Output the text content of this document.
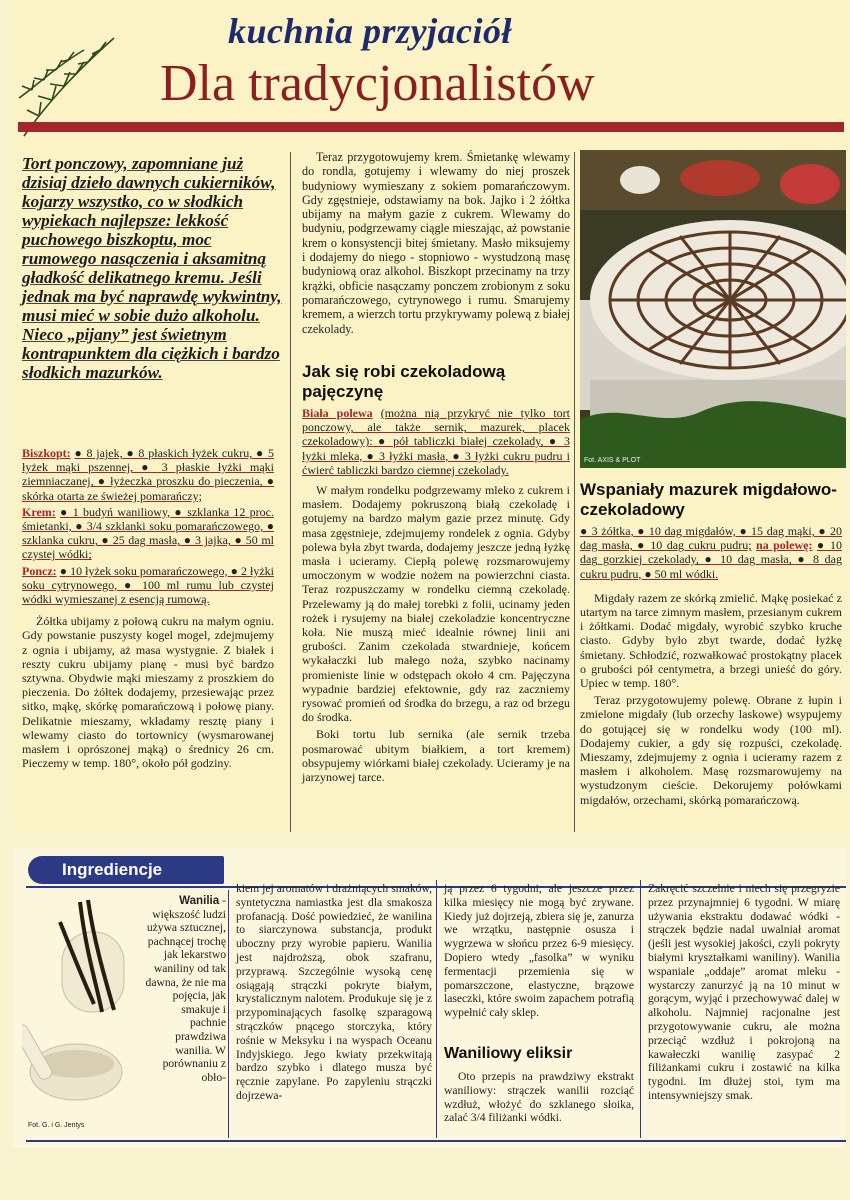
kuchnia przyjaciół
Dla tradycjonalistów
Tort ponczowy, zapomniane już dzisiaj dzieło dawnych cukierników, kojarzy wszystko, co w słodkich wypiekach najlepsze: lekkość puchowego biszkoptu, moc rumowego nasączenia i aksamitną gładkość delikatnego kremu. Jeśli jednak ma być naprawdę wykwintny, musi mieć w sobie dużo alkoholu. Nieco „pijany” jest świetnym kontrapunktem dla ciężkich i bardzo słodkich mazurków.

Biszkopt: ● 8 jajek, ● 8 płaskich łyżek cukru, ● 5 łyżek mąki pszennej, ● 3 płaskie łyżki mąki ziemniaczanej, ● łyżeczka proszku do pieczenia, ● skórka otarta ze świeżej pomarańczy;

Krem: ● 1 budyń waniliowy, ● szklanka 12 proc. śmietanki, ● 3/4 szklanki soku pomarańczowego, ● szklanka cukru, ● 25 dag masła, ● 3 jajka, ● 50 ml czystej wódki;

Poncz: ● 10 łyżek soku pomarańczowego, ● 2 łyżki soku cytrynowego, ● 100 ml rumu lub czystej wódki wymieszanej z esencją rumową.

Żółtka ubijamy z połową cukru na małym ogniu. Gdy powstanie puszysty kogel mogel, zdejmujemy z ognia i ubijamy, aż masa wystygnie. Z białek i reszty cukru ubijamy pianę - musi być bardzo sztywna. Obydwie mąki mieszamy z proszkiem do pieczenia. Do żółtek dodajemy, przesiewając przez sitko, mąkę, skórkę pomarańczową i połowę piany. Delikatnie mieszamy, wkładamy resztę piany i wlewamy ciasto do tortownicy (wysmarowanej masłem i oprószonej mąką) o średnicy 26 cm. Pieczemy w temp. 180°, około pół godziny.

Teraz przygotowujemy krem. Śmietankę wlewamy do rondla, gotujemy i wlewamy do niej proszek budyniowy wymieszany z sokiem pomarańczowym. Gdy zgęstnieje, odstawiamy na bok. Jajko i 2 żółtka ubijamy na małym gazie z cukrem. Wlewamy do budyniu, podgrzewamy ciągle mieszając, aż powstanie krem o konsystencji bitej śmietany. Masło miksujemy i dodajemy do niego - stopniowo - wystudzoną masę budyniową oraz alkohol. Biszkopt przecinamy na trzy krążki, obficie nasączamy ponczem zrobionym z soku pomarańczowego, cytrynowego i rumu. Smarujemy kremem, a wierzch tortu przykrywamy polewą z białej czekolady.

Jak się robi czekoladową pajęczynę

Biała polewa (można nią przykryć nie tylko tort ponczowy, ale także sernik, mazurek, placek czekoladowy): ● pół tabliczki białej czekolady, ● 3 łyżki mleka, ● 3 łyżki masła, ● 3 łyżki cukru pudru i ćwierć tabliczki bardzo ciemnej czekolady.

W małym rondelku podgrzewamy mleko z cukrem i masłem. Dodajemy pokruszoną białą czekoladę i gotujemy na bardzo małym gazie przez minutę. Gdy masa zgęstnieje, zdejmujemy rondelek z ognia. Gdyby polewa była zbyt twarda, dodajemy jeszcze jedną łyżkę masła i ucieramy. Ciepłą polewę rozsmarowujemy umoczonym w wodzie nożem na powierzchni ciasta. Teraz rozpuszczamy w rondelku ciemną czekoladę. Przelewamy ją do małej torebki z folii, ucinamy jeden rożek i rysujemy na białej czekoladzie koncentryczne koła. Nie muszą mieć idealnie równej linii ani grubości. Zanim czekolada stwardnieje, końcem wykałaczki lub małego noża, szybko nacinamy promieniste linie w odstępach około 4 cm. Pajęczyna wypadnie bardziej efektownie, gdy raz zaczniemy rysować promień od środka do brzegu, a raz od brzegu do środka.

Boki tortu lub sernika (ale sernik trzeba posmarować ubitym białkiem, a tort kremem) obsypujemy wiórkami białej czekolady. Ucieramy je na jarzynowej tarce.

Fot. AXIS & PLOT
Wspaniały mazurek migdałowo-czekoladowy

● 3 żółtka, ● 10 dag migdałów, ● 15 dag mąki, ● 20 dag masła, ● 10 dag cukru pudru; na polewę: ● 10 dag gorzkiej czekolady, ● 10 dag masła, ● 8 dag cukru pudru, ● 50 ml wódki.

Migdały razem ze skórką zmielić. Mąkę posiekać z utartym na tarce zimnym masłem, przesianym cukrem i żółtkami. Dodać migdały, wyrobić szybko kruche ciasto. Gdyby było zbyt twarde, dodać łyżkę śmietany. Schłodzić, rozwałkować prostokątny placek o grubości pół centymetra, a brzegi unieść do góry. Upiec w temp. 180°.

Teraz przygotowujemy polewę. Obrane z łupin i zmielone migdały (lub orzechy laskowe) wsypujemy do gotującej się w rondelku wody (100 ml). Dodajemy cukier, a gdy się rozpuści, czekoladę. Mieszamy, zdejmujemy z ognia i ucieramy razem z masłem i alkoholem. Masę rozsmarowujemy na wystudzonym cieście. Dekorujemy połówkami migdałów, orzechami, skórką pomarańczową.

Ingrediencje
Fot. G. i G. Jentys

Wanilia - większość ludzi używa sztucznej, pachnącej trochę jak lekarstwo waniliny od tak dawna, że nie ma pojęcia, jak smakuje i pachnie prawdziwa wanilia. W porównaniu z obło-

kiem jej aromatów i drażniących smaków, syntetyczna namiastka jest dla smakosza profanacją. Dość powiedzieć, że wanilina to siarczynowa substancja, produkt uboczny przy wyrobie papieru. Wanilia jest najdroższą, obok szafranu, przyprawą. Szczególnie wysoką cenę osiągają strączki pokryte białym, krystalicznym nalotem. Produkuje się je z przypominających fasolkę szparagową strączków pnącego storczyka, który rośnie w Meksyku i na wyspach Oceanu Indyjskiego. Jego kwiaty przekwitają bardzo szybko i dlatego musza być ręcznie zapylane. Po zapyleniu strączki dojrzewa-

ją przez 6 tygodni, ale jeszcze przez kilka miesięcy nie mogą być zrywane. Kiedy już dojrzeją, zbiera się je, zanurza we wrzątku, następnie osusza i wygrzewa w słońcu przez 6-9 miesięcy. Dopiero wtedy „fasolka” w wyniku fermentacji przemienia się w pomarszczone, elastyczne, brązowe laseczki, które swoim zapachem potrafią wypełnić cały sklep.

Waniliowy eliksir

Oto przepis na prawdziwy ekstrakt waniliowy: strączek wanilii rozciąć wzdłuż, włożyć do szklanego słoika, zalać 3/4 filiżanki wódki.

Zakręcić szczelnie i niech się przegryzie przez przynajmniej 6 tygodni. W miarę używania ekstraktu dodawać wódki - strączek będzie nadal uwalniał aromat (jeśli jest wysokiej jakości, czyli pokryty białymi kryształkami waniliny). Wanilia wspaniale „oddaje” aromat mleku - wystarczy zanurzyć ją na 10 minut w gorącym, wyjąć i przechowywać dalej w alkoholu. Najmniej racjonalne jest przygotowywanie cukru, ale można przeciąć wzdłuż i pokrojoną na kawałeczki wanilię zasypać 2 filiżankami cukru i zostawić na kilka tygodni. Im dłużej stoi, tym ma intensywniejszy smak.
